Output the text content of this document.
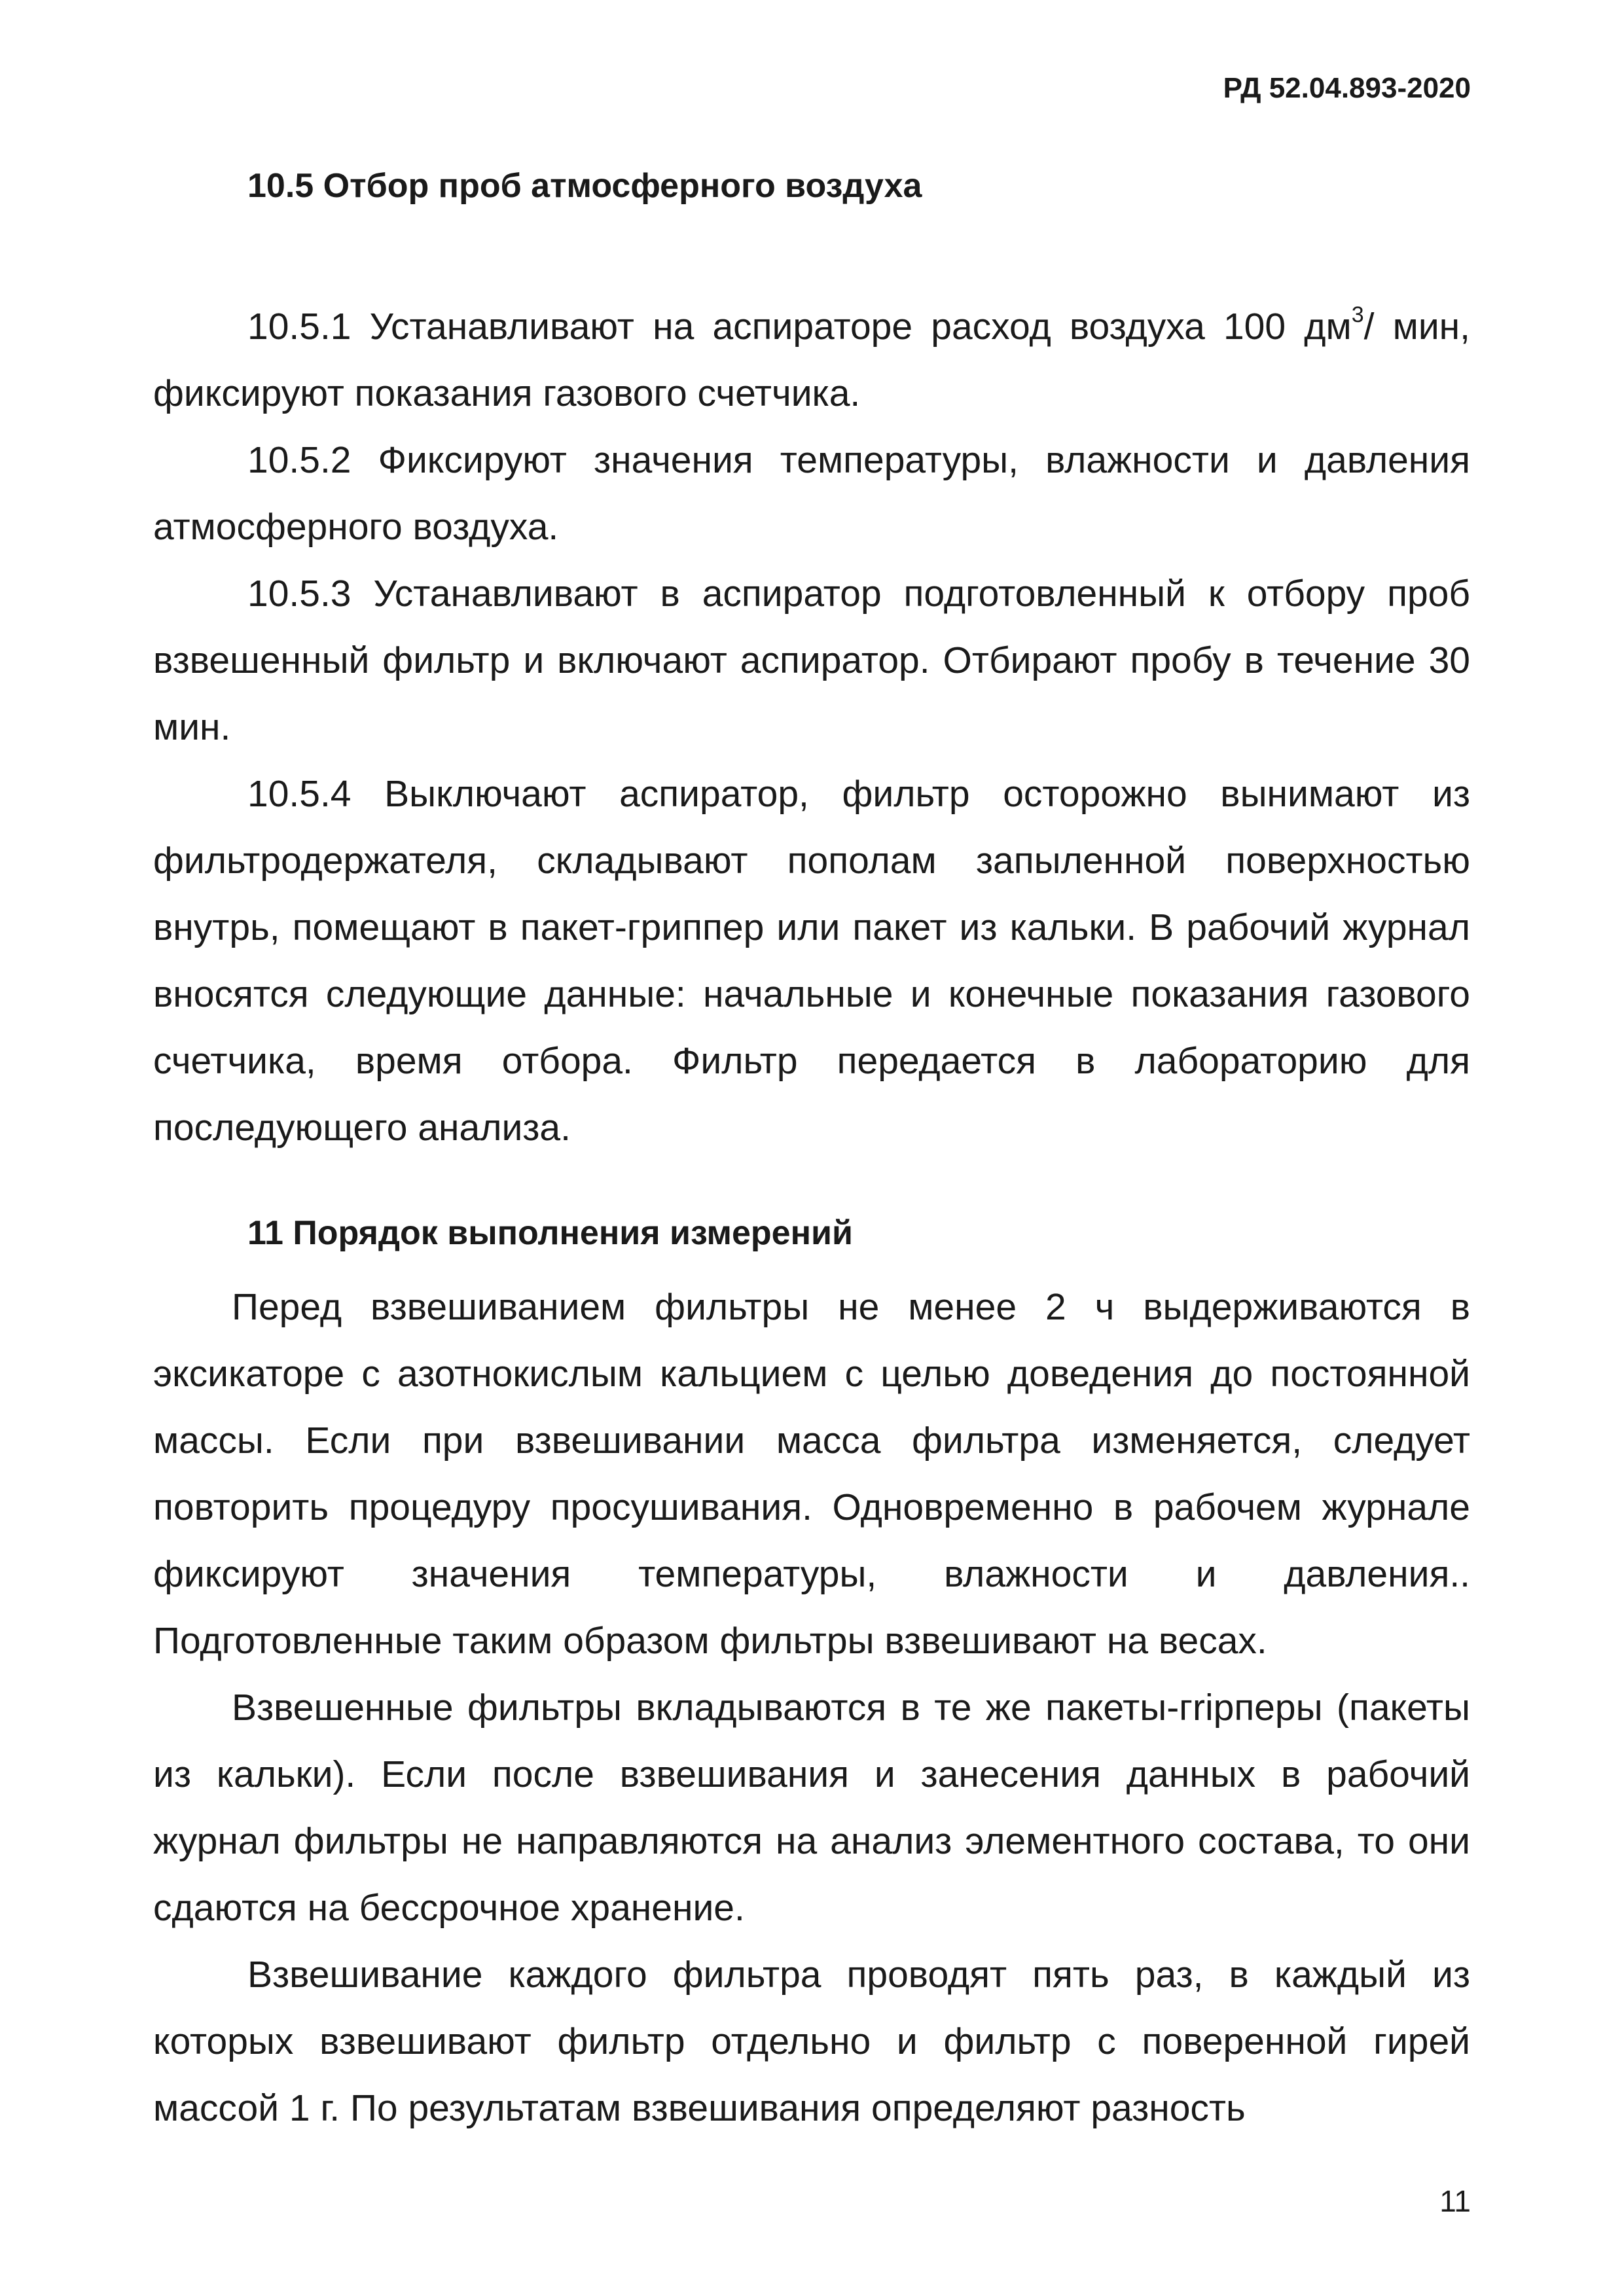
РД 52.04.893-2020
10.5 Отбор проб атмосферного воздуха

10.5.1 Устанавливают на аспираторе расход воздуха 100 $дм^3/$ мин, фиксируют показания газового счетчика.

10.5.2 Фиксируют значения температуры, влажности и давления атмосферного воздуха.

10.5.3 Устанавливают в аспиратор подготовленный к отбору проб взвешенный фильтр и включают аспиратор. Отбирают пробу в течение 30 мин.

10.5.4 Выключают аспиратор, фильтр осторожно вынимают из фильтродержателя, складывают пополам запыленной поверхностью внутрь, помещают в пакет-гриппер или пакет из кальки. В рабочий журнал вносятся следующие данные: начальные и конечные показания газового счетчика, время отбора. Фильтр передается в лабораторию для последующего анализа.

11 Порядок выполнения измерений

Перед взвешиванием фильтры не менее 2 ч выдерживаются в эксикаторе с азотнокислым кальцием с целью доведения до постоянной массы. Если при взвешивании масса фильтра изменяется, следует повторить процедуру просушивания. Одновременно в рабочем журнале фиксируют значения температуры, влажности и давления.. Подготовленные таким образом фильтры взвешивают на весах.

Взвешенные фильтры вкладываются в те же пакеты-гripперы (пакеты из кальки). Если после взвешивания и занесения данных в рабочий журнал фильтры не направляются на анализ элементного состава, то они сдаются на бессрочное хранение.

Взвешивание каждого фильтра проводят пять раз, в каждый из которых взвешивают фильтр отдельно и фильтр с поверенной гирей массой 1 г. По результатам взвешивания определяют разность

11
